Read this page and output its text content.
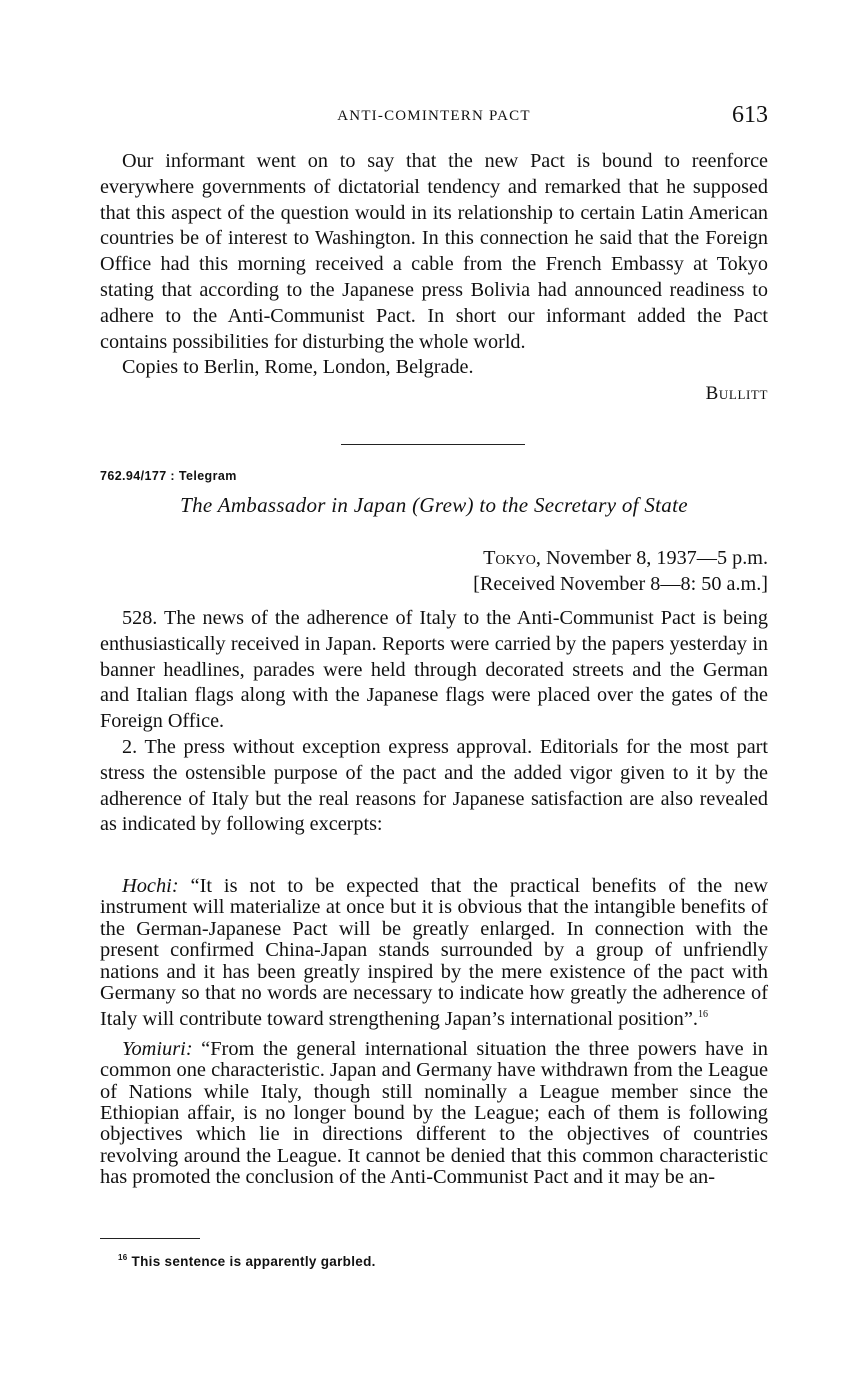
ANTI-COMINTERN PACT	613

Our informant went on to say that the new Pact is bound to reenforce everywhere governments of dictatorial tendency and remarked that he supposed that this aspect of the question would in its relationship to certain Latin American countries be of interest to Washington. In this connection he said that the Foreign Office had this morning received a cable from the French Embassy at Tokyo stating that according to the Japanese press Bolivia had announced readiness to adhere to the Anti-Communist Pact. In short our informant added the Pact contains possibilities for disturbing the whole world.

Copies to Berlin, Rome, London, Belgrade.

Bullitt

762.94/177 : Telegram
The Ambassador in Japan (Grew) to the Secretary of State
Tokyo, November 8, 1937—5 p.m.
[Received November 8—8: 50 a.m.]

528. The news of the adherence of Italy to the Anti-Communist Pact is being enthusiastically received in Japan. Reports were carried by the papers yesterday in banner headlines, parades were held through decorated streets and the German and Italian flags along with the Japanese flags were placed over the gates of the Foreign Office.

2. The press without exception express approval. Editorials for the most part stress the ostensible purpose of the pact and the added vigor given to it by the adherence of Italy but the real reasons for Japanese satisfaction are also revealed as indicated by following excerpts:

Hochi: “It is not to be expected that the practical benefits of the new instrument will materialize at once but it is obvious that the intangible benefits of the German-Japanese Pact will be greatly enlarged. In connection with the present confirmed China-Japan stands surrounded by a group of unfriendly nations and it has been greatly inspired by the mere existence of the pact with Germany so that no words are necessary to indicate how greatly the adherence of Italy will contribute toward strengthening Japan’s international position”.$^{16}$

Yomiuri: “From the general international situation the three powers have in common one characteristic. Japan and Germany have withdrawn from the League of Nations while Italy, though still nominally a League member since the Ethiopian affair, is no longer bound by the League; each of them is following objectives which lie in directions different to the objectives of countries revolving around the League. It cannot be denied that this common characteristic has promoted the conclusion of the Anti-Communist Pact and it may be an-

$^{16}$ This sentence is apparently garbled.
